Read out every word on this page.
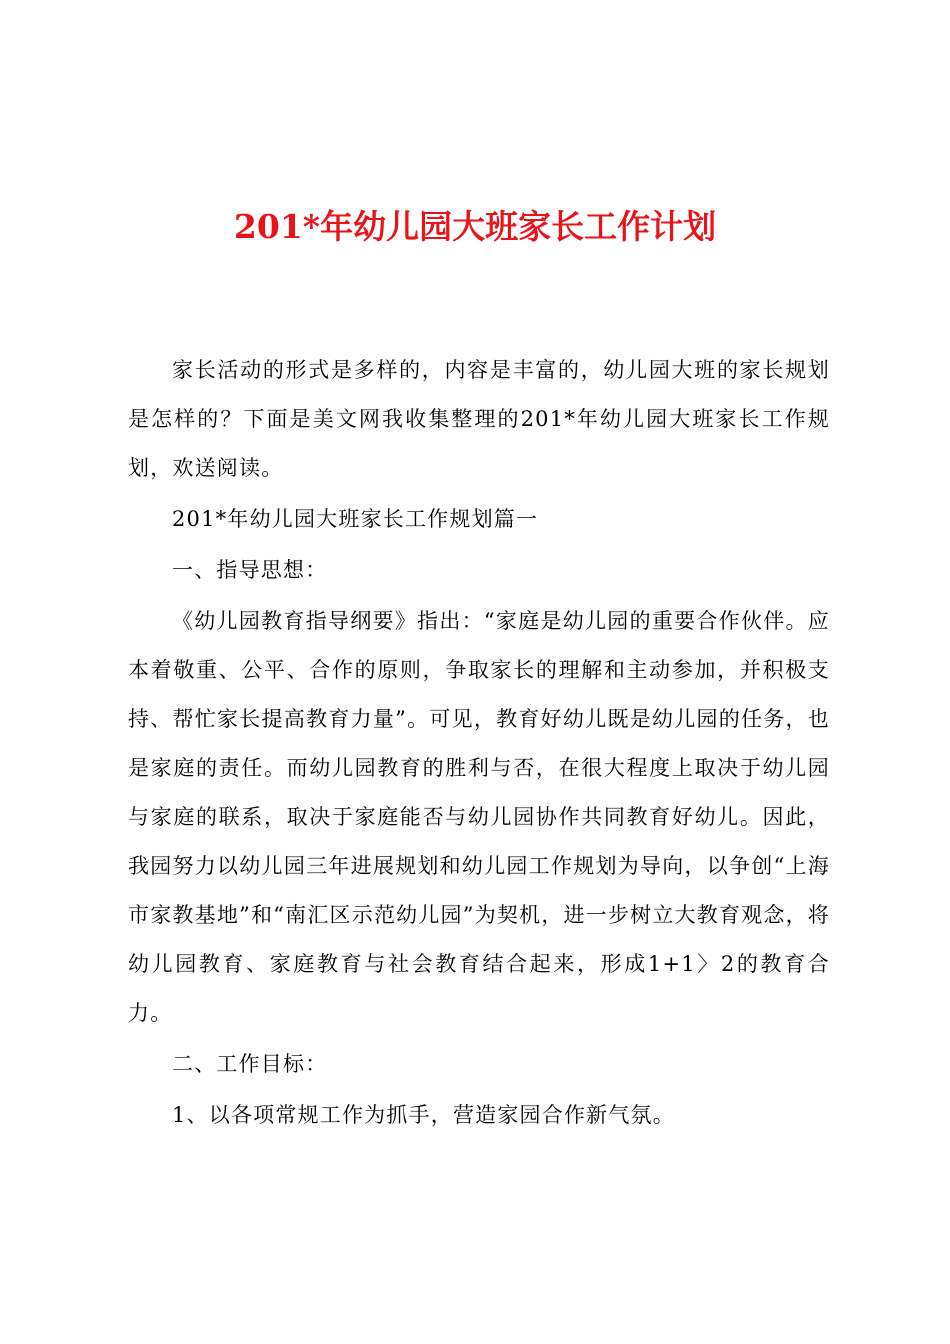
201*年幼儿园大班家长工作计划

家长活动的形式是多样的，内容是丰富的，幼儿园大班的家长规划是怎样的？下面是美文网我收集整理的201*年幼儿园大班家长工作规划，欢送阅读。

201*年幼儿园大班家长工作规划篇一

一、指导思想：

《幼儿园教育指导纲要》指出：“家庭是幼儿园的重要合作伙伴。应本着敬重、公平、合作的原则，争取家长的理解和主动参加，并积极支持、帮忙家长提高教育力量”。可见，教育好幼儿既是幼儿园的任务，也是家庭的责任。而幼儿园教育的胜利与否，在很大程度上取决于幼儿园与家庭的联系，取决于家庭能否与幼儿园协作共同教育好幼儿。因此，我园努力以幼儿园三年进展规划和幼儿园工作规划为导向，以争创“上海市家教基地”和“南汇区示范幼儿园”为契机，进一步树立大教育观念，将幼儿园教育、家庭教育与社会教育结合起来，形成1+1〉2的教育合力。

二、工作目标：

1、以各项常规工作为抓手，营造家园合作新气氛。
